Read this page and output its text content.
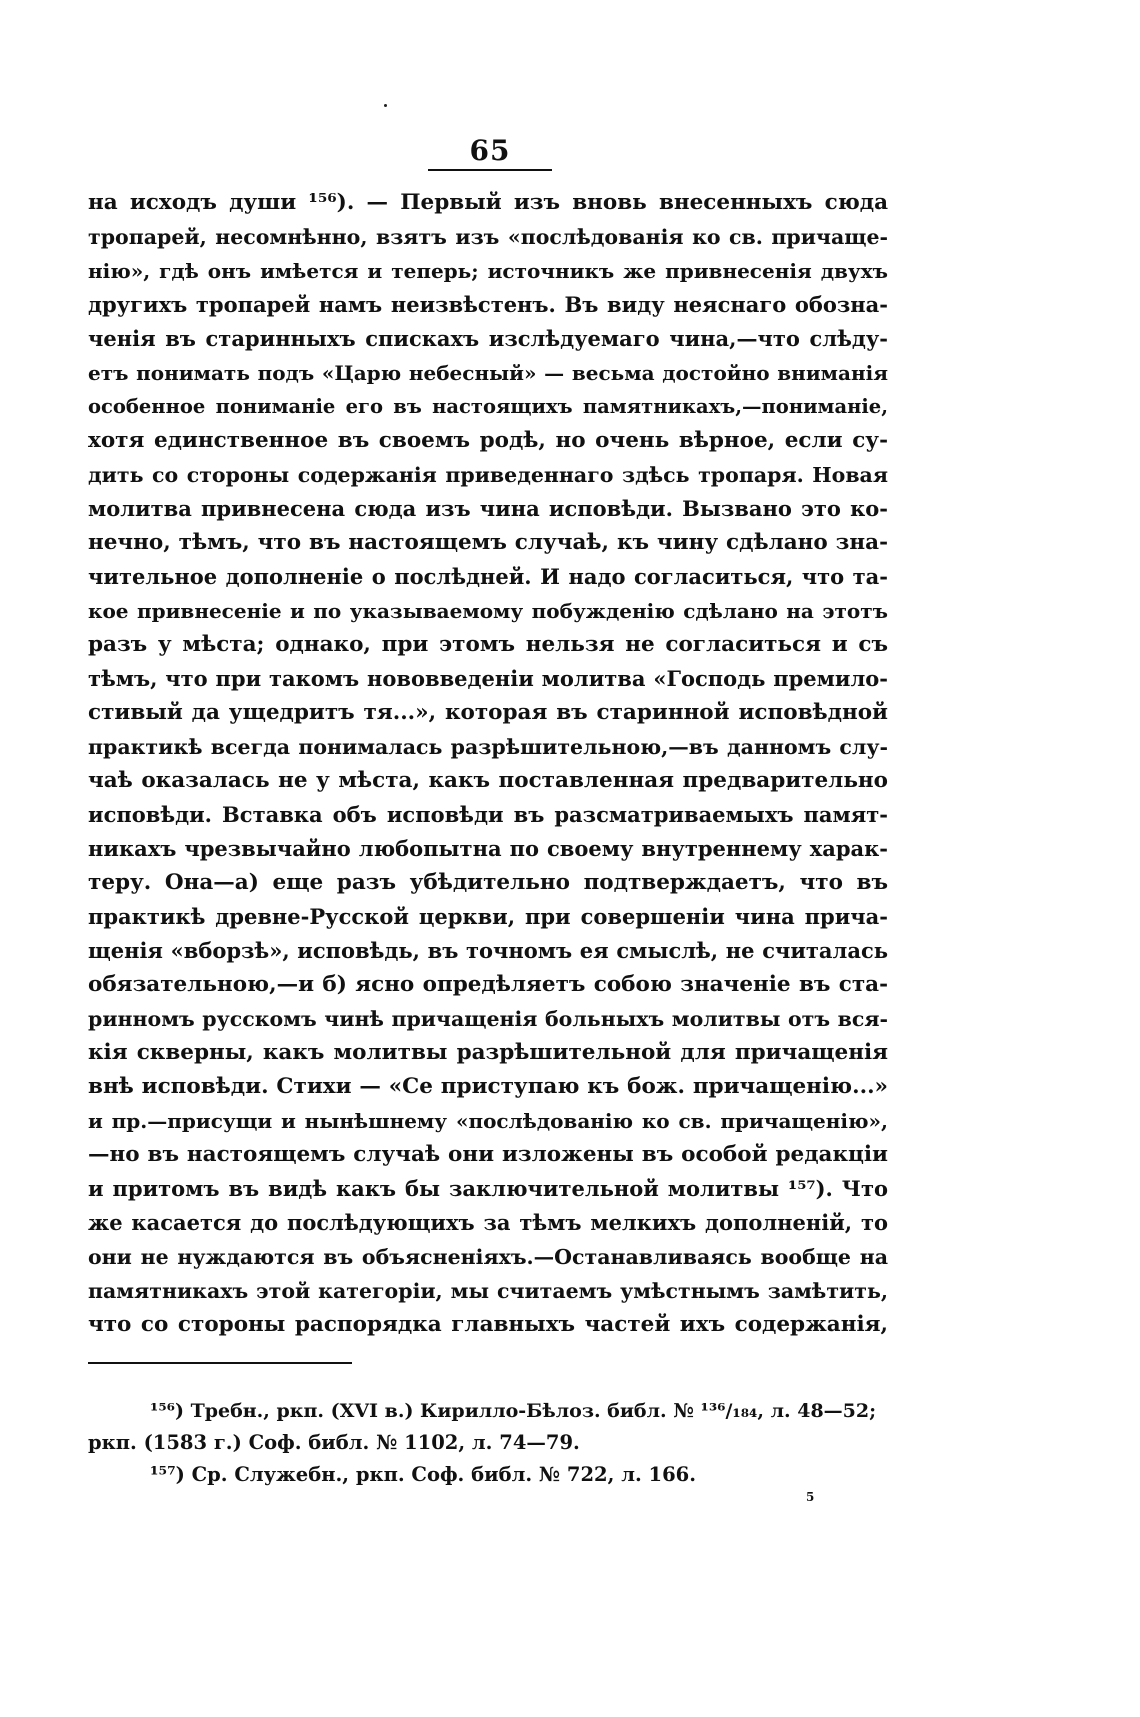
65
на исходъ души ¹⁵⁶). — Первый изъ вновь внесенныхъ сюда
тропарей, несомнѣнно, взятъ изъ «послѣдованія ко св. причаще-
нію», гдѣ онъ имѣется и теперь; источникъ же привнесенія двухъ
другихъ тропарей намъ неизвѣстенъ. Въ виду неяснаго обозна-
ченія въ старинныхъ спискахъ изслѣдуемаго чина,—что слѣду-
етъ понимать подъ «Царю небесный» — весьма достойно вниманія
особенное пониманіе его въ настоящихъ памятникахъ,—пониманіе,
хотя единственное въ своемъ родѣ, но очень вѣрное, если су-
дить со стороны содержанія приведеннаго здѣсь тропаря. Новая
молитва привнесена сюда изъ чина исповѣди. Вызвано это ко-
нечно, тѣмъ, что въ настоящемъ случаѣ, къ чину сдѣлано зна-
чительное дополненіе о послѣдней. И надо согласиться, что та-
кое привнесеніе и по указываемому побужденію сдѣлано на этотъ
разъ у мѣста; однако, при этомъ нельзя не согласиться и съ
тѣмъ, что при такомъ нововведеніи молитва «Господь премило-
стивый да ущедритъ тя...», которая въ старинной исповѣдной
практикѣ всегда понималась разрѣшительною,—въ данномъ слу-
чаѣ оказалась не у мѣста, какъ поставленная предварительно
исповѣди. Вставка объ исповѣди въ разсматриваемыхъ памят-
никахъ чрезвычайно любопытна по своему внутреннему харак-
теру. Она—а) еще разъ убѣдительно подтверждаетъ, что въ
практикѣ древне-Русской церкви, при совершеніи чина прича-
щенія «вборзѣ», исповѣдь, въ точномъ ея смыслѣ, не считалась
обязательною,—и б) ясно опредѣляетъ собою значеніе въ ста-
ринномъ русскомъ чинѣ причащенія больныхъ молитвы отъ вся-
кія скверны, какъ молитвы разрѣшительной для причащенія
внѣ исповѣди. Стихи — «Се приступаю къ бож. причащенію...»
и пр.—присущи и нынѣшнему «послѣдованію ко св. причащенію»,
—но въ настоящемъ случаѣ они изложены въ особой редакціи
и притомъ въ видѣ какъ бы заключительной молитвы ¹⁵⁷). Что
же касается до послѣдующихъ за тѣмъ мелкихъ дополненій, то
они не нуждаются въ объясненіяхъ.—Останавливаясь вообще на
памятникахъ этой категоріи, мы считаемъ умѣстнымъ замѣтить,
что со стороны распорядка главныхъ частей ихъ содержанія,
¹⁵⁶) Требн., ркп. (XVI в.) Кирилло-Бѣлоз. библ. № ¹³⁶/₁₈₄, л. 48—52;
ркп. (1583 г.) Соф. библ. № 1102, л. 74—79.
¹⁵⁷) Ср. Служебн., ркп. Соф. библ. № 722, л. 166.
5
